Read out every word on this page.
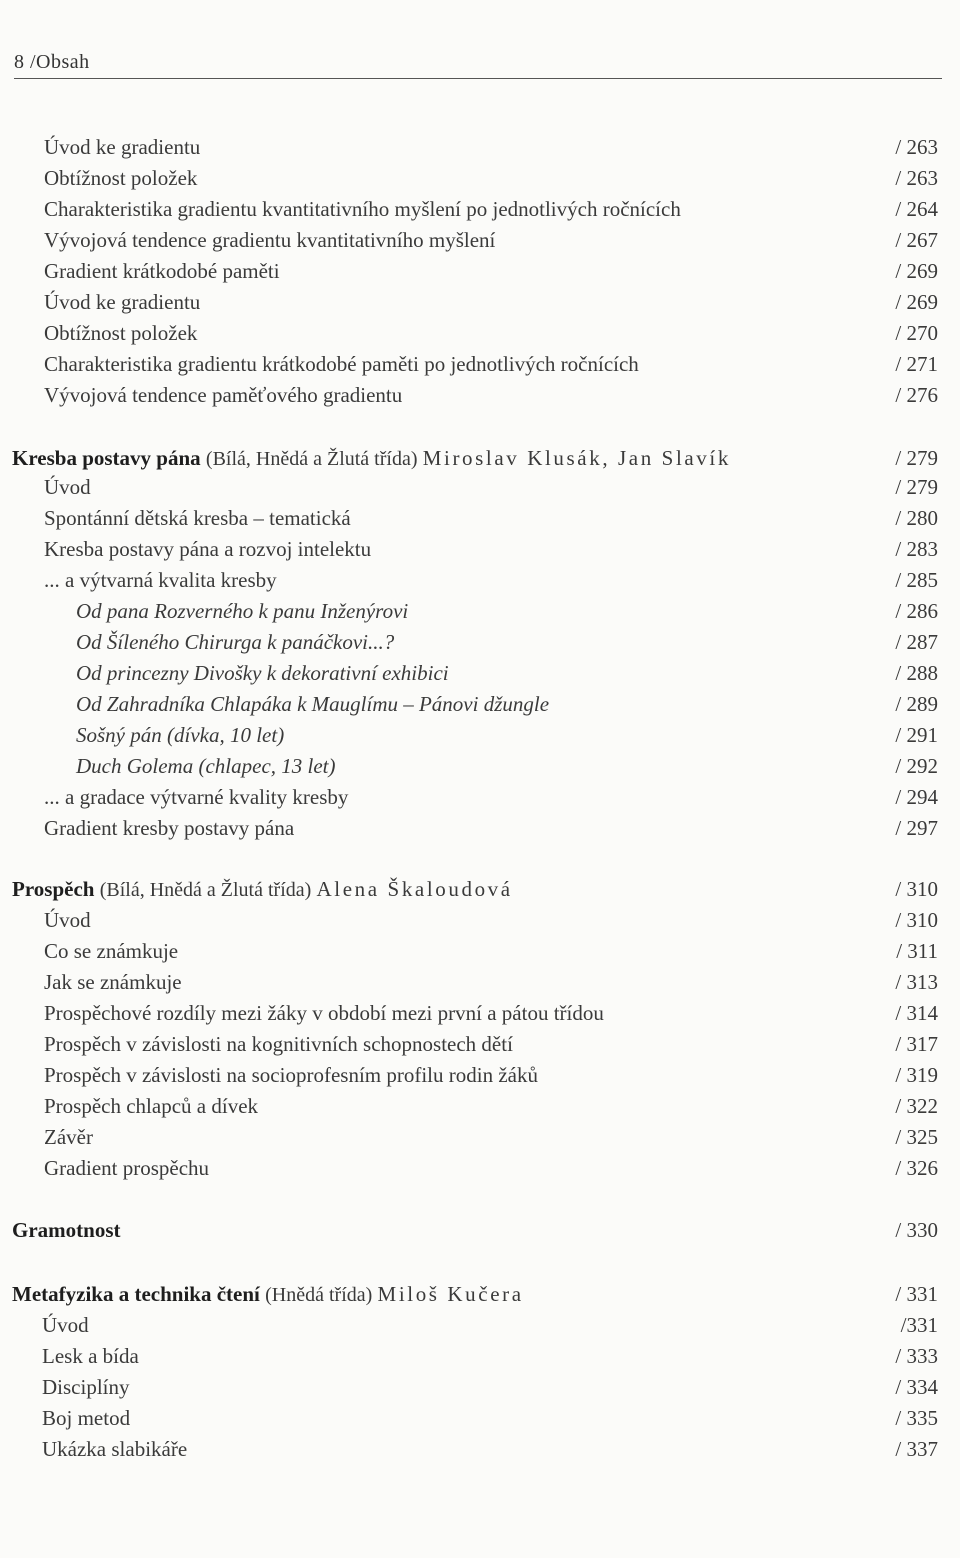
8 /Obsah
Úvod ke gradientu	/ 263
Obtížnost položek	/ 263
Charakteristika gradientu kvantitativního myšlení po jednotlivých ročnících	/ 264
Vývojová tendence gradientu kvantitativního myšlení	/ 267
Gradient krátkodobé paměti	/ 269
Úvod ke gradientu	/ 269
Obtížnost položek	/ 270
Charakteristika gradientu krátkodobé paměti po jednotlivých ročnících	/ 271
Vývojová tendence paměťového gradientu	/ 276
Kresba postavy pána (Bílá, Hnědá a Žlutá třída) Miroslav Klusák, Jan Slavík	/ 279
Úvod	/ 279
Spontánní dětská kresba – tematická	/ 280
Kresba postavy pána a rozvoj intelektu	/ 283
... a výtvarná kvalita kresby	/ 285
Od pana Rozverného k panu Inženýrovi	/ 286
Od Šíleného Chirurga k panáčkovi...?	/ 287
Od princezny Divošky k dekorativní exhibici	/ 288
Od Zahradníka Chlapáka k Mauglímu – Pánovi džungle	/ 289
Sošný pán (dívka, 10 let)	/ 291
Duch Golema (chlapec, 13 let)	/ 292
... a gradace výtvarné kvality kresby	/ 294
Gradient kresby postavy pána	/ 297
Prospěch (Bílá, Hnědá a Žlutá třída) Alena Škaloudová	/ 310
Úvod	/ 310
Co se známkuje	/ 311
Jak se známkuje	/ 313
Prospěchové rozdíly mezi žáky v období mezi první a pátou třídou	/ 314
Prospěch v závislosti na kognitivních schopnostech dětí	/ 317
Prospěch v závislosti na socioprofesním profilu rodin žáků	/ 319
Prospěch chlapců a dívek	/ 322
Závěr	/ 325
Gradient prospěchu	/ 326
Gramotnost	/ 330
Metafyzika a technika čtení (Hnědá třída) Miloš Kučera	/ 331
Úvod	/331
Lesk a bída	/ 333
Disciplíny	/ 334
Boj metod	/ 335
Ukázka slabikáře	/ 337
